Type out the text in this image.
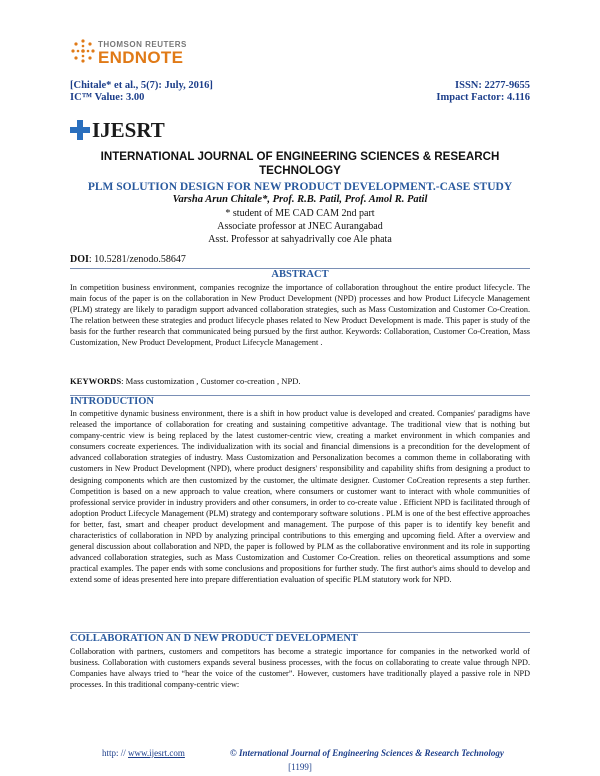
THOMSON REUTERS
ENDNOTE
[Chitale* et al., 5(7): July, 2016]
IC™ Value: 3.00
ISSN: 2277-9655
Impact Factor: 4.116
IJESRT
INTERNATIONAL JOURNAL OF ENGINEERING SCIENCES & RESEARCH
TECHNOLOGY
PLM SOLUTION DESIGN FOR NEW PRODUCT DEVELOPMENT.-CASE STUDY
Varsha Arun Chitale*, Prof. R.B. Patil, Prof. Amol R. Patil
* student of ME CAD CAM 2nd part
Associate professor at JNEC Aurangabad
Asst. Professor at sahyadrivally coe Ale phata
DOI: 10.5281/zenodo.58647
ABSTRACT
In competition business environment, companies recognize the importance of collaboration throughout the entire product lifecycle. The main focus of the paper is on the collaboration in New Product Development (NPD) processes and how Product Lifecycle Management (PLM) strategy are likely to paradigm support advanced collaboration strategies, such as Mass Customization and Customer Co-Creation. The relation between these strategies and product lifecycle phases related to New Product Development is made. This paper is study of the basis for the further research that communicated being pursued by the first author. Keywords: Collaboration, Customer Co-Creation, Mass Customization, New Product Development, Product Lifecycle Management .
KEYWORDS: Mass customization , Customer co-creation , NPD.
INTRODUCTION
In competitive dynamic business environment, there is a shift in how product value is developed and created. Companies' paradigms have released the importance of collaboration for creating and sustaining competitive advantage. The traditional view that is nothing but company-centric view is being replaced by the latest customer-centric view, creating a market environment in which companies and consumers cocreate experiences. The individualization with its social and financial dimensions is a precondition for the development of advanced collaboration strategies of industry. Mass Customization and Personalization becomes a common theme in collaborating with customers in New Product Development (NPD), where product designers' responsibility and capability shifts from designing a product to designing components which are then customized by the customer, the ultimate designer. Customer CoCreation represents a step further. Competition is based on a new approach to value creation, where consumers or customer want to interact with whole communities of professional service provider in industry providers and other consumers, in order to co-create value . Efficient NPD is facilitated through of adoption Product Lifecycle Management (PLM) strategy and contemporary software solutions . PLM is one of the best effective approaches for better, fast, smart and cheaper product development and management. The purpose of this paper is to identify key benefit and characteristics of collaboration in NPD by analyzing principal contributions to this emerging and upcoming field. After a overview and general discussion about collaboration and NPD, the paper is followed by PLM as the collaborative environment and its role in supporting advanced collaboration strategies, such as Mass Customization and Customer Co-Creation. relies on theoretical assumptions and some practical examples. The paper ends with some conclusions and propositions for further study. The first author's aims should to develop and extend some of ideas presented here into prepare differentiation evaluation of specific PLM statutory work for NPD.
COLLABORATION AN D NEW PRODUCT DEVELOPMENT
Collaboration with partners, customers and competitors has become a strategic importance for companies in the networked world of business. Collaboration with customers expands several business processes, with the focus on collaborating to create value through NPD. Companies have always tried to “hear the voice of the customer”. However, customers have traditionally played a passive role in NPD processes. In this traditional company-centric view:
http: // www.ijesrt.com	© International Journal of Engineering Sciences & Research Technology
[1199]
